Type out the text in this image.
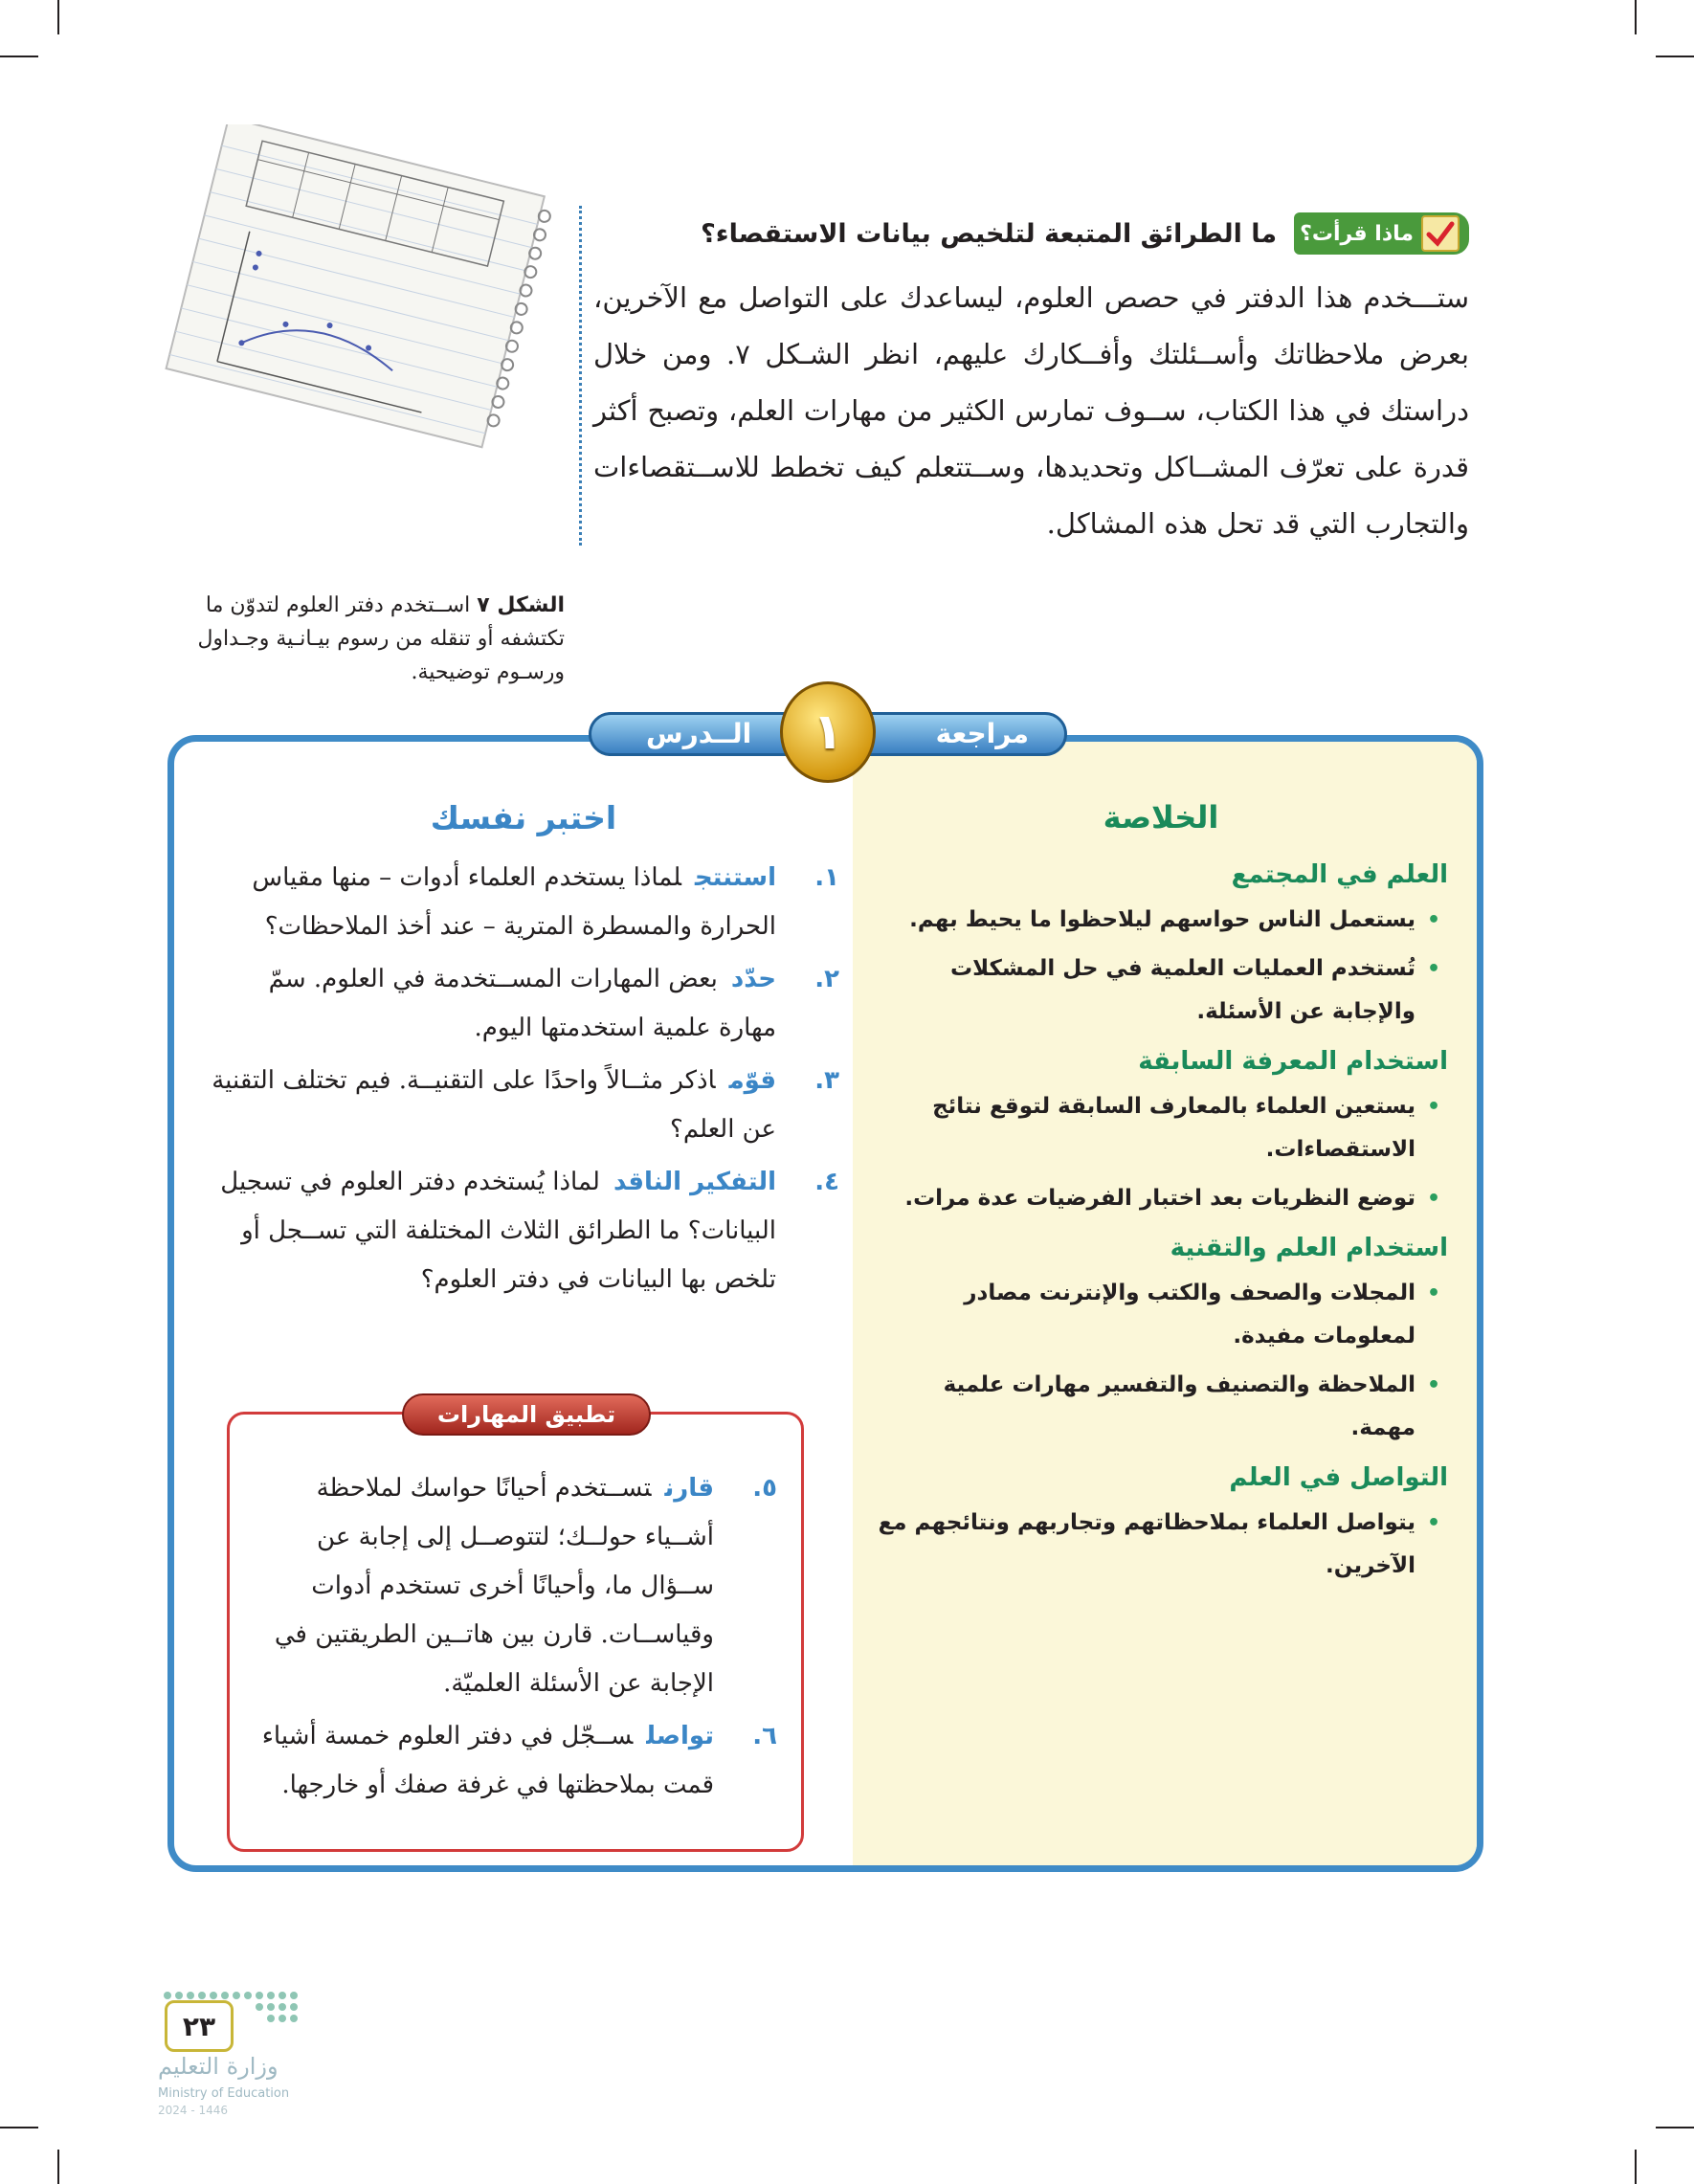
ماذا قرأت؟
ما الطرائق المتبعة لتلخيص بيانات الاستقصاء؟

ستـــخدم هذا الدفتر في حصص العلوم، ليساعدك على التواصل مع الآخرين، بعرض ملاحظاتك وأســئلتك وأفــكارك عليهم، انظر الشـكل ٧. ومن خلال دراستك في هذا الكتاب، ســوف تمارس الكثير من مهارات العلم، وتصبح أكثر قدرة على تعرّف المشــاكل وتحديدها، وســتتعلم كيف تخطط للاســتقصاءات والتجارب التي قد تحل هذه المشاكل.

الشكل ٧ اســتخدم دفتر العلوم لتدوّن ما تكتشفه أو تنقله من رسوم بيـانـية وجـداول ورسـوم توضيحية.
الخلاصة
العلم في المجتمع
• يستعمل الناس حواسهم ليلاحظوا ما يحيط بهم.
• تُستخدم العمليات العلمية في حل المشكلات والإجابة عن الأسئلة.
استخدام المعرفة السابقة
• يستعين العلماء بالمعارف السابقة لتوقع نتائج الاستقصاءات.
• توضع النظريات بعد اختبار الفرضيات عدة مرات.
استخدام العلم والتقنية
• المجلات والصحف والكتب والإنترنت مصادر لمعلومات مفيدة.
• الملاحظة والتصنيف والتفسير مهارات علمية مهمة.
التواصل في العلم
• يتواصل العلماء بملاحظاتهم وتجاربهم ونتائجهم مع الآخرين.
اختبر نفسك
١.
استنتجلماذا يستخدم العلماء أدوات – منها مقياس الحرارة والمسطرة المترية – عند أخذ الملاحظات؟
٢.
حدّدبعض المهارات المســتخدمة في العلوم. سمّ مهارة علمية استخدمتها اليوم.
٣.
قوّماذكر مثــالاً واحدًا على التقنيــة. فيم تختلف التقنية عن العلم؟
٤.
التفكير الناقدلماذا يُستخدم دفتر العلوم في تسجيل البيانات؟ ما الطرائق الثلاث المختلفة التي تســجل أو تلخص بها البيانات في دفتر العلوم؟
تطبيق المهارات
٥.
قارنتســتخدم أحيانًا حواسك لملاحظة أشــياء حولــك؛ لتتوصــل إلى إجابة عن ســؤال ما، وأحيانًا أخرى تستخدم أدوات وقياســات. قارن بين هاتــين الطريقتين في الإجابة عن الأسئلة العلميّة.
٦.
تواصلســجّل في دفتر العلوم خمسة أشياء قمت بملاحظتها في غرفة صفك أو خارجها.
الــدرس	مراجعة
١
٢٣
وزارة التعليم
Ministry of Education
2024 - 1446
